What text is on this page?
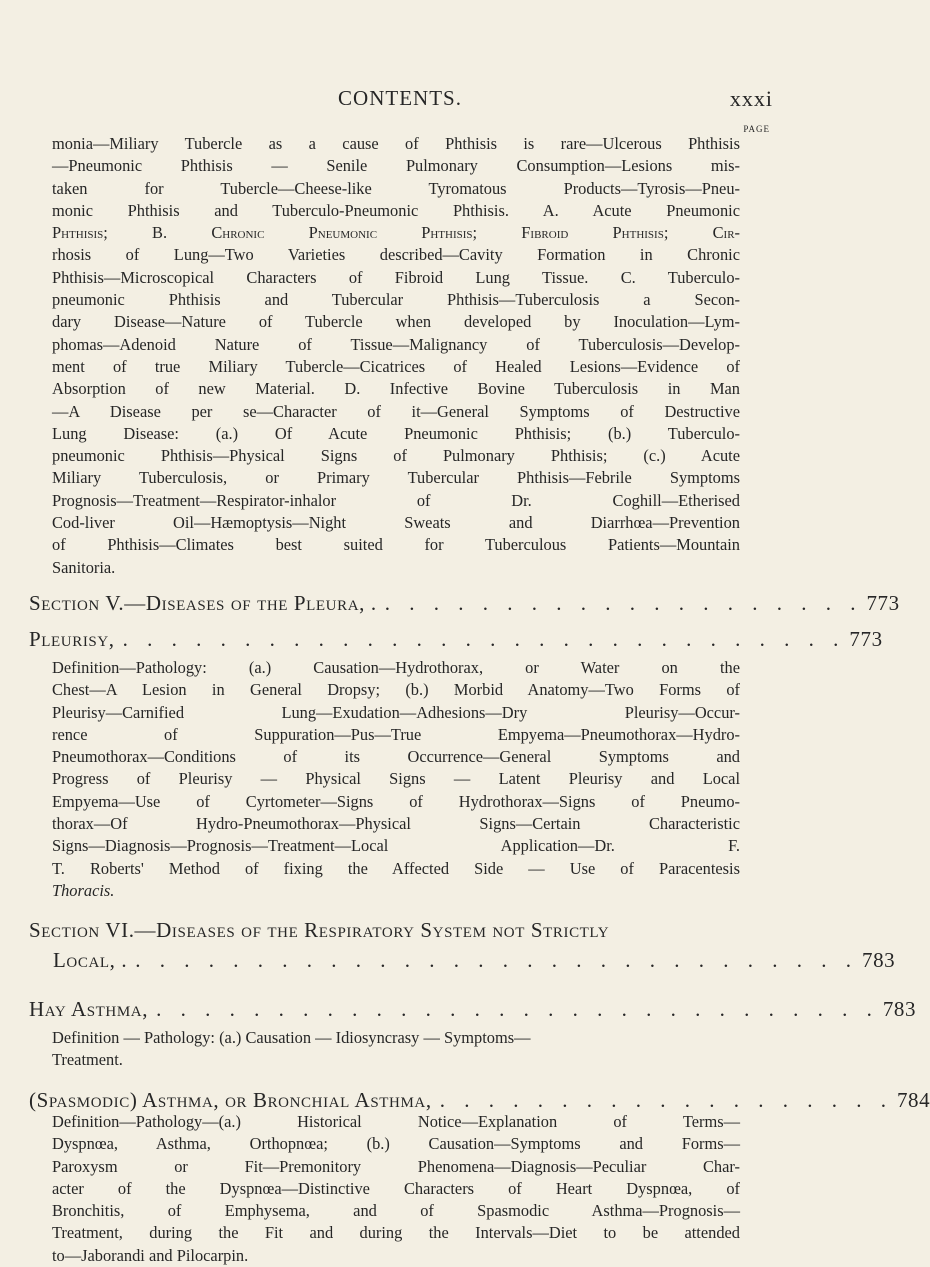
CONTENTS.	xxxi
PAGE
monia—Miliary Tubercle as a cause of Phthisis is rare—Ulcerous Phthisis
—Pneumonic Phthisis — Senile Pulmonary Consumption—Lesions mis-
taken for Tubercle—Cheese-like Tyromatous Products—Tyrosis—Pneu-
monic Phthisis and Tuberculo-Pneumonic Phthisis. A. Acute Pneumonic
Phthisis; B. Chronic Pneumonic Phthisis; Fibroid Phthisis; Cir-
rhosis of Lung—Two Varieties described—Cavity Formation in Chronic
Phthisis—Microscopical Characters of Fibroid Lung Tissue. C. Tuberculo-
pneumonic Phthisis and Tubercular Phthisis—Tuberculosis a Secon-
dary Disease—Nature of Tubercle when developed by Inoculation—Lym-
phomas—Adenoid Nature of Tissue—Malignancy of Tuberculosis—Develop-
ment of true Miliary Tubercle—Cicatrices of Healed Lesions—Evidence of
Absorption of new Material. D. Infective Bovine Tuberculosis in Man
—A Disease per se—Character of it—General Symptoms of Destructive
Lung Disease: (a.) Of Acute Pneumonic Phthisis; (b.) Tuberculo-
pneumonic Phthisis—Physical Signs of Pulmonary Phthisis; (c.) Acute
Miliary Tuberculosis, or Primary Tubercular Phthisis—Febrile Symptoms
Prognosis—Treatment—Respirator-inhalor of Dr. Coghill—Etherised
Cod-liver Oil—Hæmoptysis—Night Sweats and Diarrhœa—Prevention
of Phthisis—Climates best suited for Tuberculous Patients—Mountain
Sanitoria.
Section V.—Diseases of the Pleura, . . . . . . . . . . . . . . . . . . . . . 773
Pleurisy, . . . . . . . . . . . . . . . . . . . . . . . . . . . . . . 773
Definition—Pathology: (a.) Causation—Hydrothorax, or Water on the
Chest—A Lesion in General Dropsy; (b.) Morbid Anatomy—Two Forms of
Pleurisy—Carnified Lung—Exudation—Adhesions—Dry Pleurisy—Occur-
rence of Suppuration—Pus—True Empyema—Pneumothorax—Hydro-
Pneumothorax—Conditions of its Occurrence—General Symptoms and
Progress of Pleurisy — Physical Signs — Latent Pleurisy and Local
Empyema—Use of Cyrtometer—Signs of Hydrothorax—Signs of Pneumo-
thorax—Of Hydro-Pneumothorax—Physical Signs—Certain Characteristic
Signs—Diagnosis—Prognosis—Treatment—Local Application—Dr. F.
T. Roberts' Method of fixing the Affected Side — Use of Paracentesis
Thoracis.
Section VI.—Diseases of the Respiratory System not Strictly
Local, . . . . . . . . . . . . . . . . . . . . . . . . . . . . . . . 783
Hay Asthma, . . . . . . . . . . . . . . . . . . . . . . . . . . . . . . 783
Definition — Pathology: (a.) Causation — Idiosyncrasy — Symptoms—
Treatment.
(Spasmodic) Asthma, or Bronchial Asthma, . . . . . . . . . . . . . . . . . . . 784
Definition—Pathology—(a.) Historical Notice—Explanation of Terms—
Dyspnœa, Asthma, Orthopnœa; (b.) Causation—Symptoms and Forms—
Paroxysm or Fit—Premonitory Phenomena—Diagnosis—Peculiar Char-
acter of the Dyspnœa—Distinctive Characters of Heart Dyspnœa, of
Bronchitis, of Emphysema, and of Spasmodic Asthma—Prognosis—
Treatment, during the Fit and during the Intervals—Diet to be attended
to—Jaborandi and Pilocarpin.
